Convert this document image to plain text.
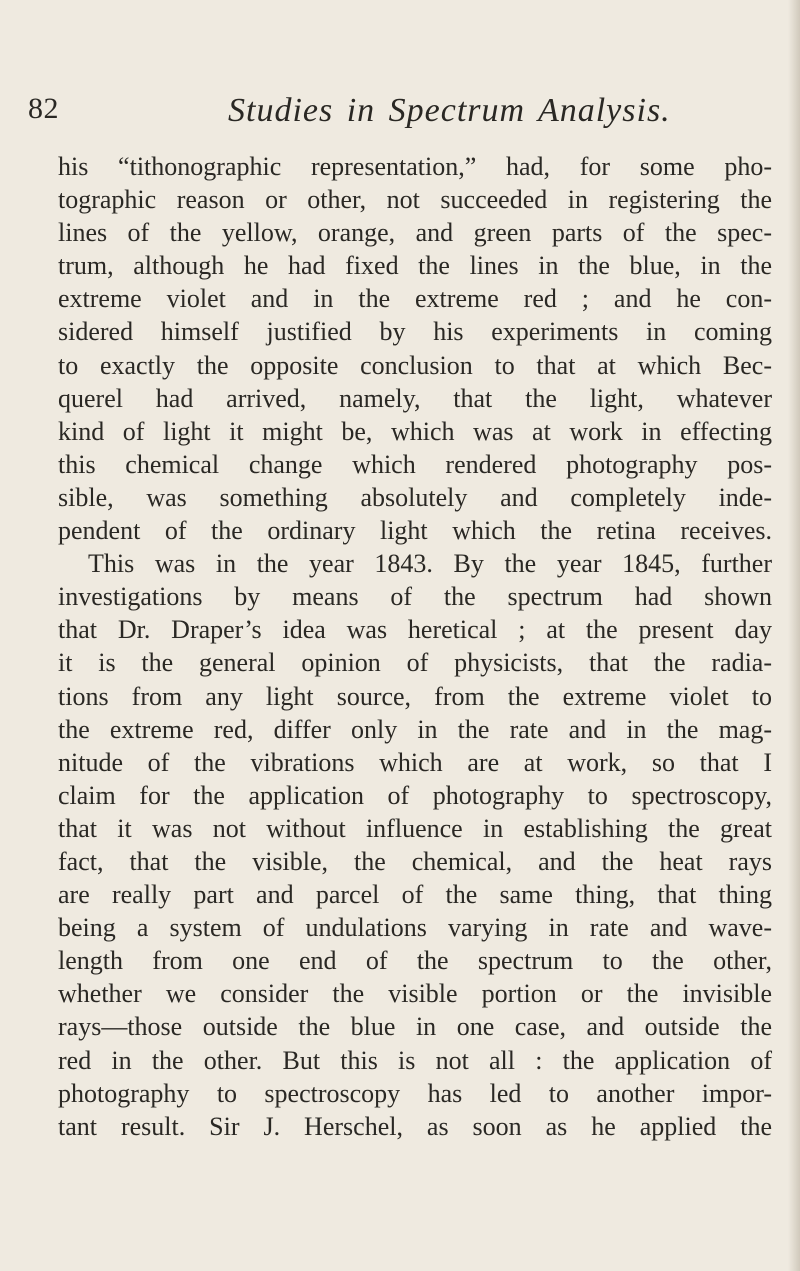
82	Studies in Spectrum Analysis.
his “tithonographic representation,” had, for some pho-
tographic reason or other, not succeeded in registering the
lines of the yellow, orange, and green parts of the spec-
trum, although he had fixed the lines in the blue, in the
extreme violet and in the extreme red ; and he con-
sidered himself justified by his experiments in coming
to exactly the opposite conclusion to that at which Bec-
querel had arrived, namely, that the light, whatever
kind of light it might be, which was at work in effecting
this chemical change which rendered photography pos-
sible, was something absolutely and completely inde-
pendent of the ordinary light which the retina receives.
This was in the year 1843. By the year 1845, further
investigations by means of the spectrum had shown
that Dr. Draper’s idea was heretical ; at the present day
it is the general opinion of physicists, that the radia-
tions from any light source, from the extreme violet to
the extreme red, differ only in the rate and in the mag-
nitude of the vibrations which are at work, so that I
claim for the application of photography to spectroscopy,
that it was not without influence in establishing the great
fact, that the visible, the chemical, and the heat rays
are really part and parcel of the same thing, that thing
being a system of undulations varying in rate and wave-
length from one end of the spectrum to the other,
whether we consider the visible portion or the invisible
rays—those outside the blue in one case, and outside the
red in the other. But this is not all : the application of
photography to spectroscopy has led to another impor-
tant result. Sir J. Herschel, as soon as he applied the
